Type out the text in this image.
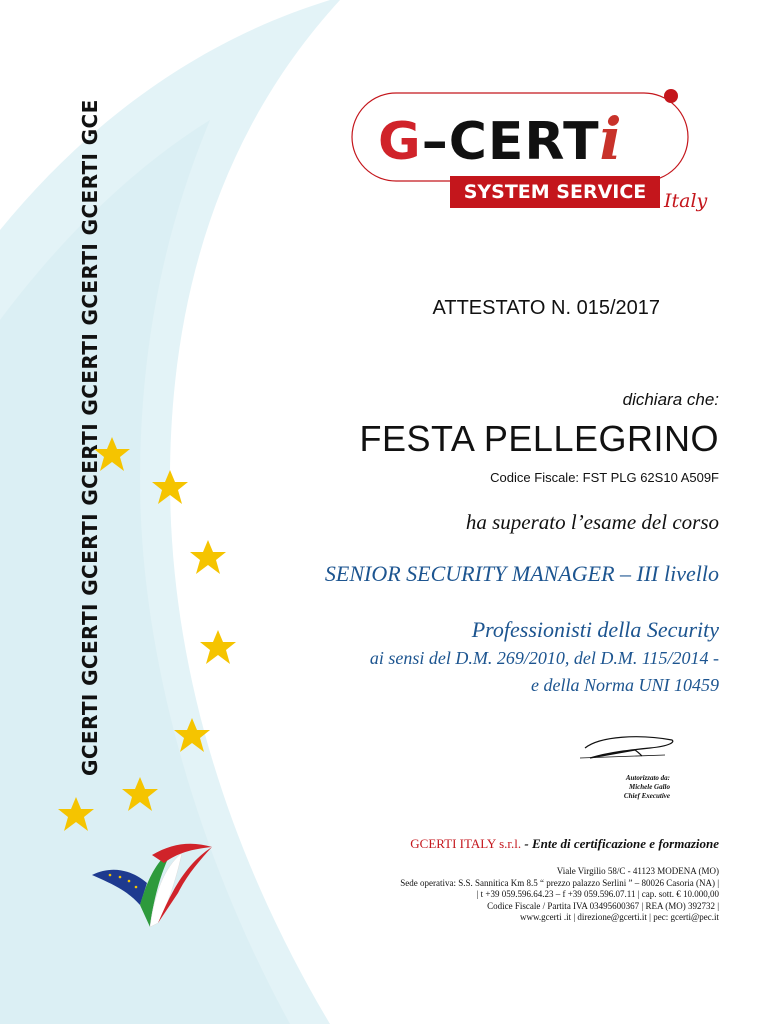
GCERTI GCERTI GCERTI GCERTI GCERTI GCERTI GCERTI GCE	G–CERTi
SYSTEM SERVICE Italy
ATTESTATO N. 015/2017
dichiara che:
FESTA PELLEGRINO
Codice Fiscale: FST PLG 62S10 A509F
ha superato l’esame del corso
SENIOR SECURITY MANAGER – III livello
Professionisti della Security
ai sensi del D.M. 269/2010, del D.M. 115/2014 -
e della Norma UNI 10459
Autorizzato da:
Michele Gallo
Chief Executive
GCERTI ITALY s.r.l. - Ente di certificazione e formazione
Viale Virgilio 58/C - 41123 MODENA (MO)
Sede operativa: S.S. Sannitica Km 8.5 “ prezzo palazzo Serlini ” – 80026 Casoria (NA) |
| t +39 059.596.64.23 – f +39 059.596.07.11 | cap. sott. € 10.000,00
Codice Fiscale / Partita IVA 03495600367 | REA (MO) 392732 |
www.gcerti .it | direzione@gcerti.it | pec: gcerti@pec.it
